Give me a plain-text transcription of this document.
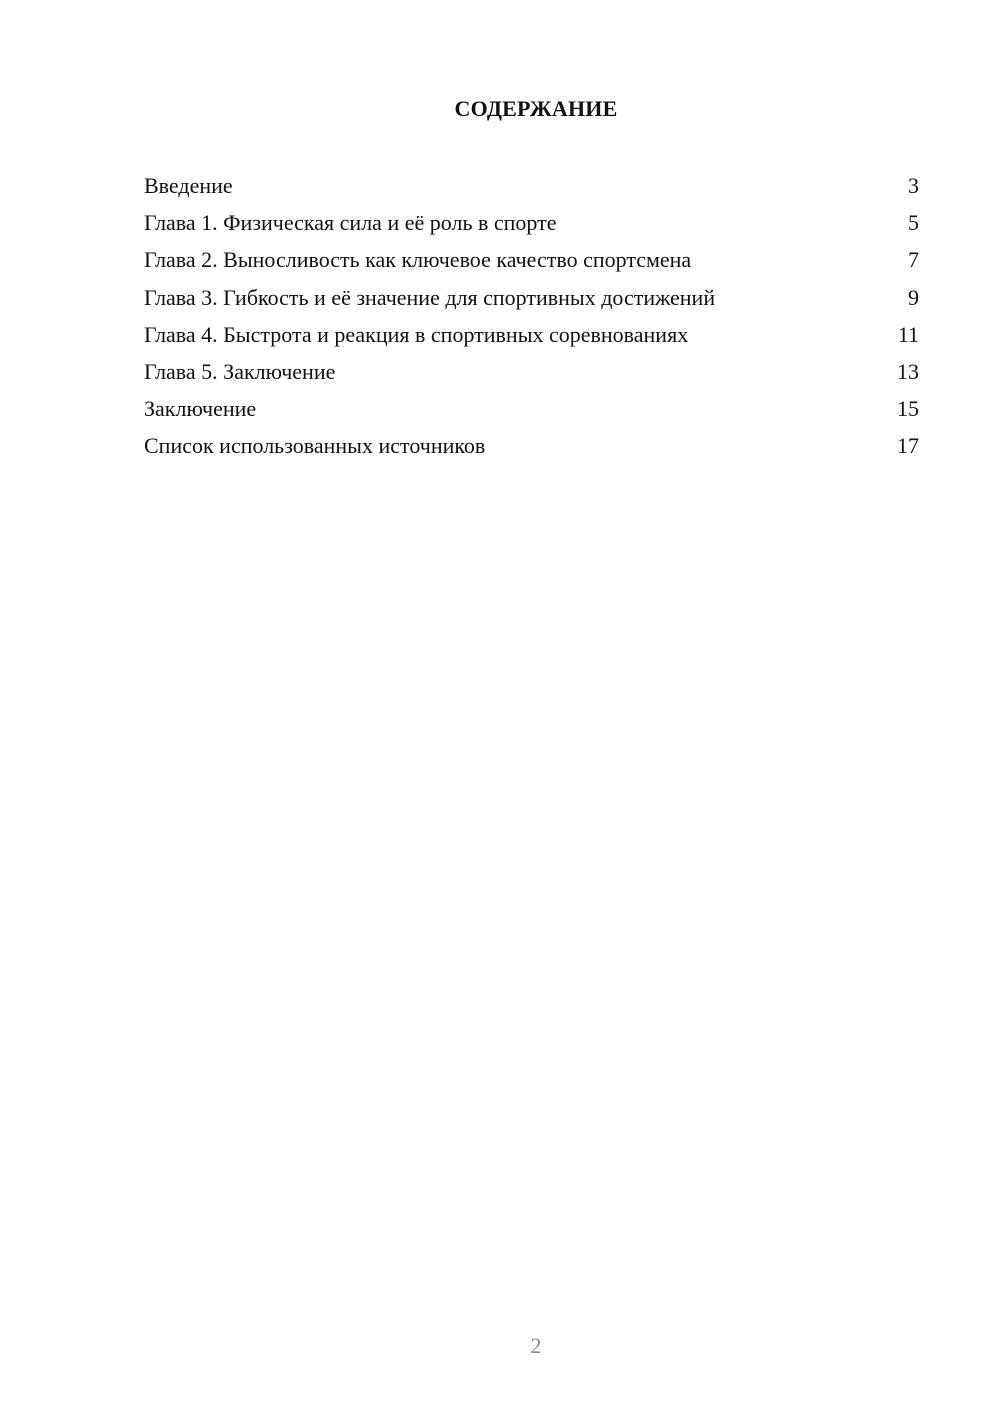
СОДЕРЖАНИЕ
Введение	3
Глава 1. Физическая сила и её роль в спорте	5
Глава 2. Выносливость как ключевое качество спортсмена	7
Глава 3. Гибкость и её значение для спортивных достижений	9
Глава 4. Быстрота и реакция в спортивных соревнованиях	11
Глава 5. Заключение	13
Заключение	15
Список использованных источников	17
2
